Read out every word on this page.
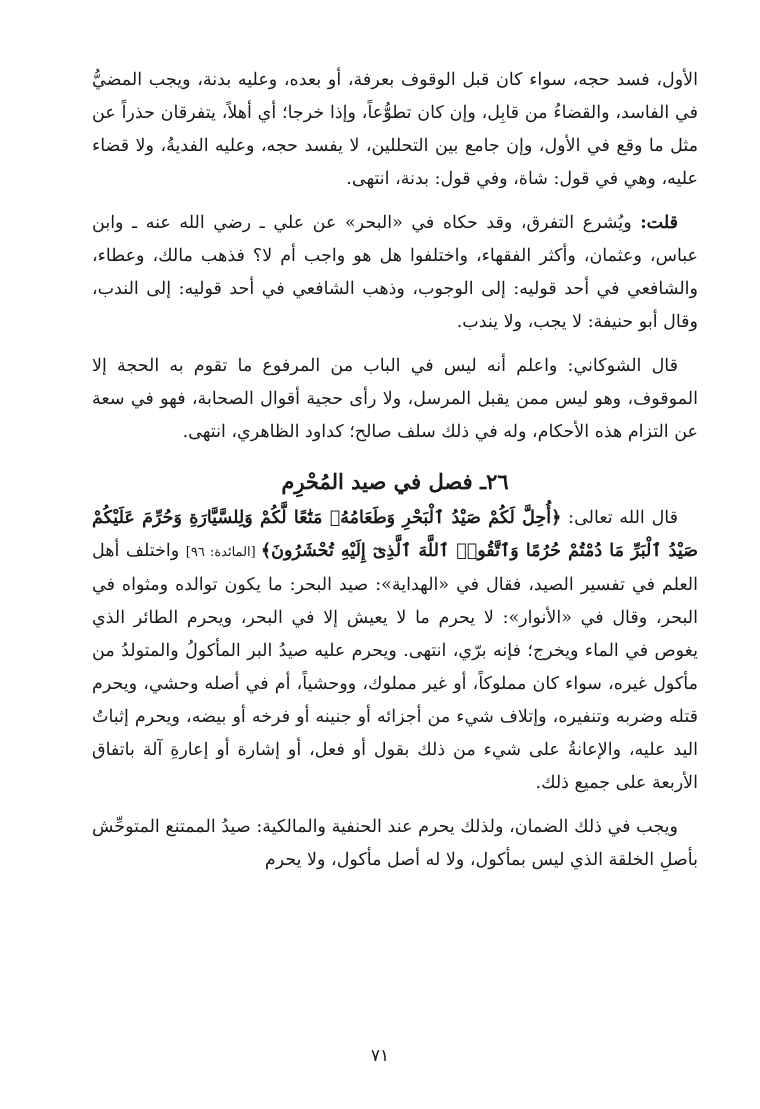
الأول، فسد حجه، سواء كان قبل الوقوف بعرفة، أو بعده، وعليه بدنة، ويجب المضيُّ في الفاسد، والقضاءُ من قابِل، وإن كان تطوُّعاً، وإذا خرجا؛ أي أهلاً، يتفرقان حذراً عن مثل ما وقع في الأول، وإن جامع بين التحللين، لا يفسد حجه، وعليه الفديةُ، ولا قضاء عليه، وهي في قول: شاة، وفي قول: بدنة، انتهى.

قلت: ويُشرع التفرق، وقد حكاه في «البحر» عن علي ـ رضي الله عنه ـ وابن عباس، وعثمان، وأكثر الفقهاء، واختلفوا هل هو واجب أم لا؟ فذهب مالك، وعطاء، والشافعي في أحد قوليه: إلى الوجوب، وذهب الشافعي في أحد قوليه: إلى الندب، وقال أبو حنيفة: لا يجب، ولا يندب.

قال الشوكاني: واعلم أنه ليس في الباب من المرفوع ما تقوم به الحجة إلا الموقوف، وهو ليس ممن يقبل المرسل، ولا رأى حجية أقوال الصحابة، فهو في سعة عن التزام هذه الأحكام، وله في ذلك سلف صالح؛ كداود الظاهري، انتهى.

٢٦ـ فصل في صيد المُحْرِم

قال الله تعالى: ﴿أُحِلَّ لَكُمْ صَيْدُ ٱلْبَحْرِ وَطَعَامُهُۥ مَتَٰعًا لَّكُمْ وَلِلسَّيَّارَةِ وَحُرِّمَ عَلَيْكُمْ صَيْدُ ٱلْبَرِّ مَا دُمْتُمْ حُرُمًا وَٱتَّقُوا۟ ٱللَّهَ ٱلَّذِىٓ إِلَيْهِ تُحْشَرُونَ﴾ [المائدة: ٩٦] واختلف أهل العلم في تفسير الصيد، فقال في «الهداية»: صيد البحر: ما يكون توالده ومثواه في البحر، وقال في «الأنوار»: لا يحرم ما لا يعيش إلا في البحر، ويحرم الطائر الذي يغوص في الماء ويخرج؛ فإنه برّي، انتهى. ويحرم عليه صيدُ البر المأكولُ والمتولدُ من مأكول غيره، سواء كان مملوكاً، أو غير مملوك، ووحشياً، أم في أصله وحشي، ويحرم قتله وضربه وتنفيره، وإتلاف شيء من أجزائه أو جنينه أو فرخه أو بيضه، ويحرم إثباتُ اليد عليه، والإعانةُ على شيء من ذلك بقول أو فعل، أو إشارة أو إعارةِ آلة باتفاق الأربعة على جميع ذلك.

ويجب في ذلك الضمان، ولذلك يحرم عند الحنفية والمالكية: صيدُ الممتنع المتوحِّش بأصلِ الخلقة الذي ليس بمأكول، ولا له أصل مأكول، ولا يحرم

٧١
